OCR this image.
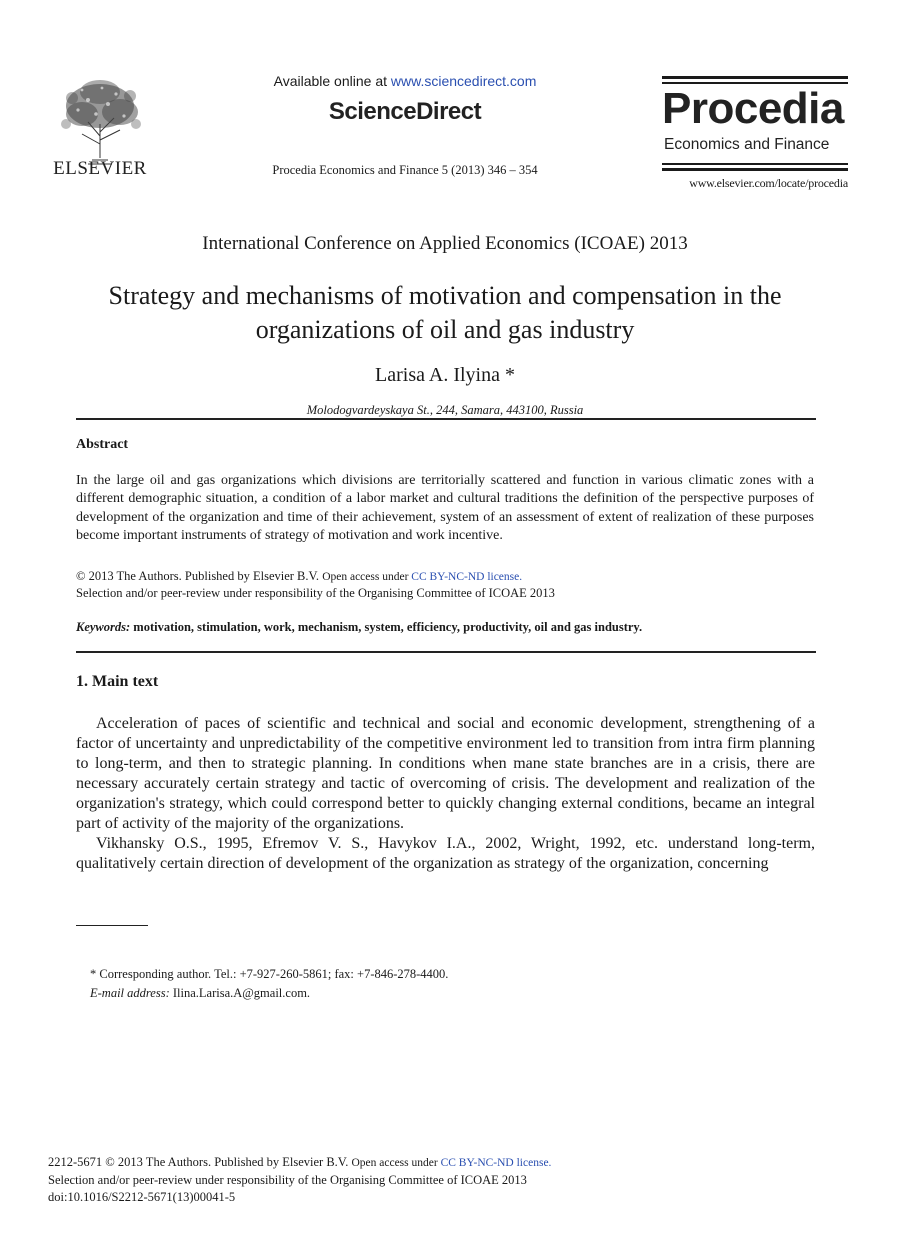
ELSEVIER
Available online at www.sciencedirect.com
ScienceDirect
Procedia Economics and Finance 5 (2013) 346 – 354
Procedia
Economics and Finance
www.elsevier.com/locate/procedia
International Conference on Applied Economics (ICOAE) 2013
Strategy and mechanisms of motivation and compensation in the
organizations of oil and gas industry
Larisa A. Ilyina *
Molodogvardeyskaya St., 244, Samara, 443100, Russia
Abstract
In the large oil and gas organizations which divisions are territorially scattered and function in various climatic zones with a different demographic situation, a condition of a labor market and cultural traditions the definition of the perspective purposes of development of the organization and time of their achievement, system of an assessment of extent of realization of these purposes become important instruments of strategy of motivation and work incentive.
© 2013 The Authors. Published by Elsevier B.V. Open access under CC BY-NC-ND license.
Selection and/or peer-review under responsibility of the Organising Committee of ICOAE 2013
Keywords: motivation, stimulation, work, mechanism, system, efficiency, productivity, oil and gas industry.
1. Main text

Acceleration of paces of scientific and technical and social and economic development, strengthening of a factor of uncertainty and unpredictability of the competitive environment led to transition from intra firm planning to long-term, and then to strategic planning. In conditions when mane state branches are in a crisis, there are necessary accurately certain strategy and tactic of overcoming of crisis. The development and realization of the organization's strategy, which could correspond better to quickly changing external conditions, became an integral part of activity of the majority of the organizations.

Vikhansky O.S., 1995, Efremov V. S., Havykov I.A., 2002, Wright, 1992, etc. understand long-term, qualitatively certain direction of development of the organization as strategy of the organization, concerning

* Corresponding author. Tel.: +7-927-260-5861; fax: +7-846-278-4400.
E-mail address: Ilina.Larisa.A@gmail.com.
2212-5671 © 2013 The Authors. Published by Elsevier B.V. Open access under CC BY-NC-ND license.
Selection and/or peer-review under responsibility of the Organising Committee of ICOAE 2013
doi:10.1016/S2212-5671(13)00041-5
